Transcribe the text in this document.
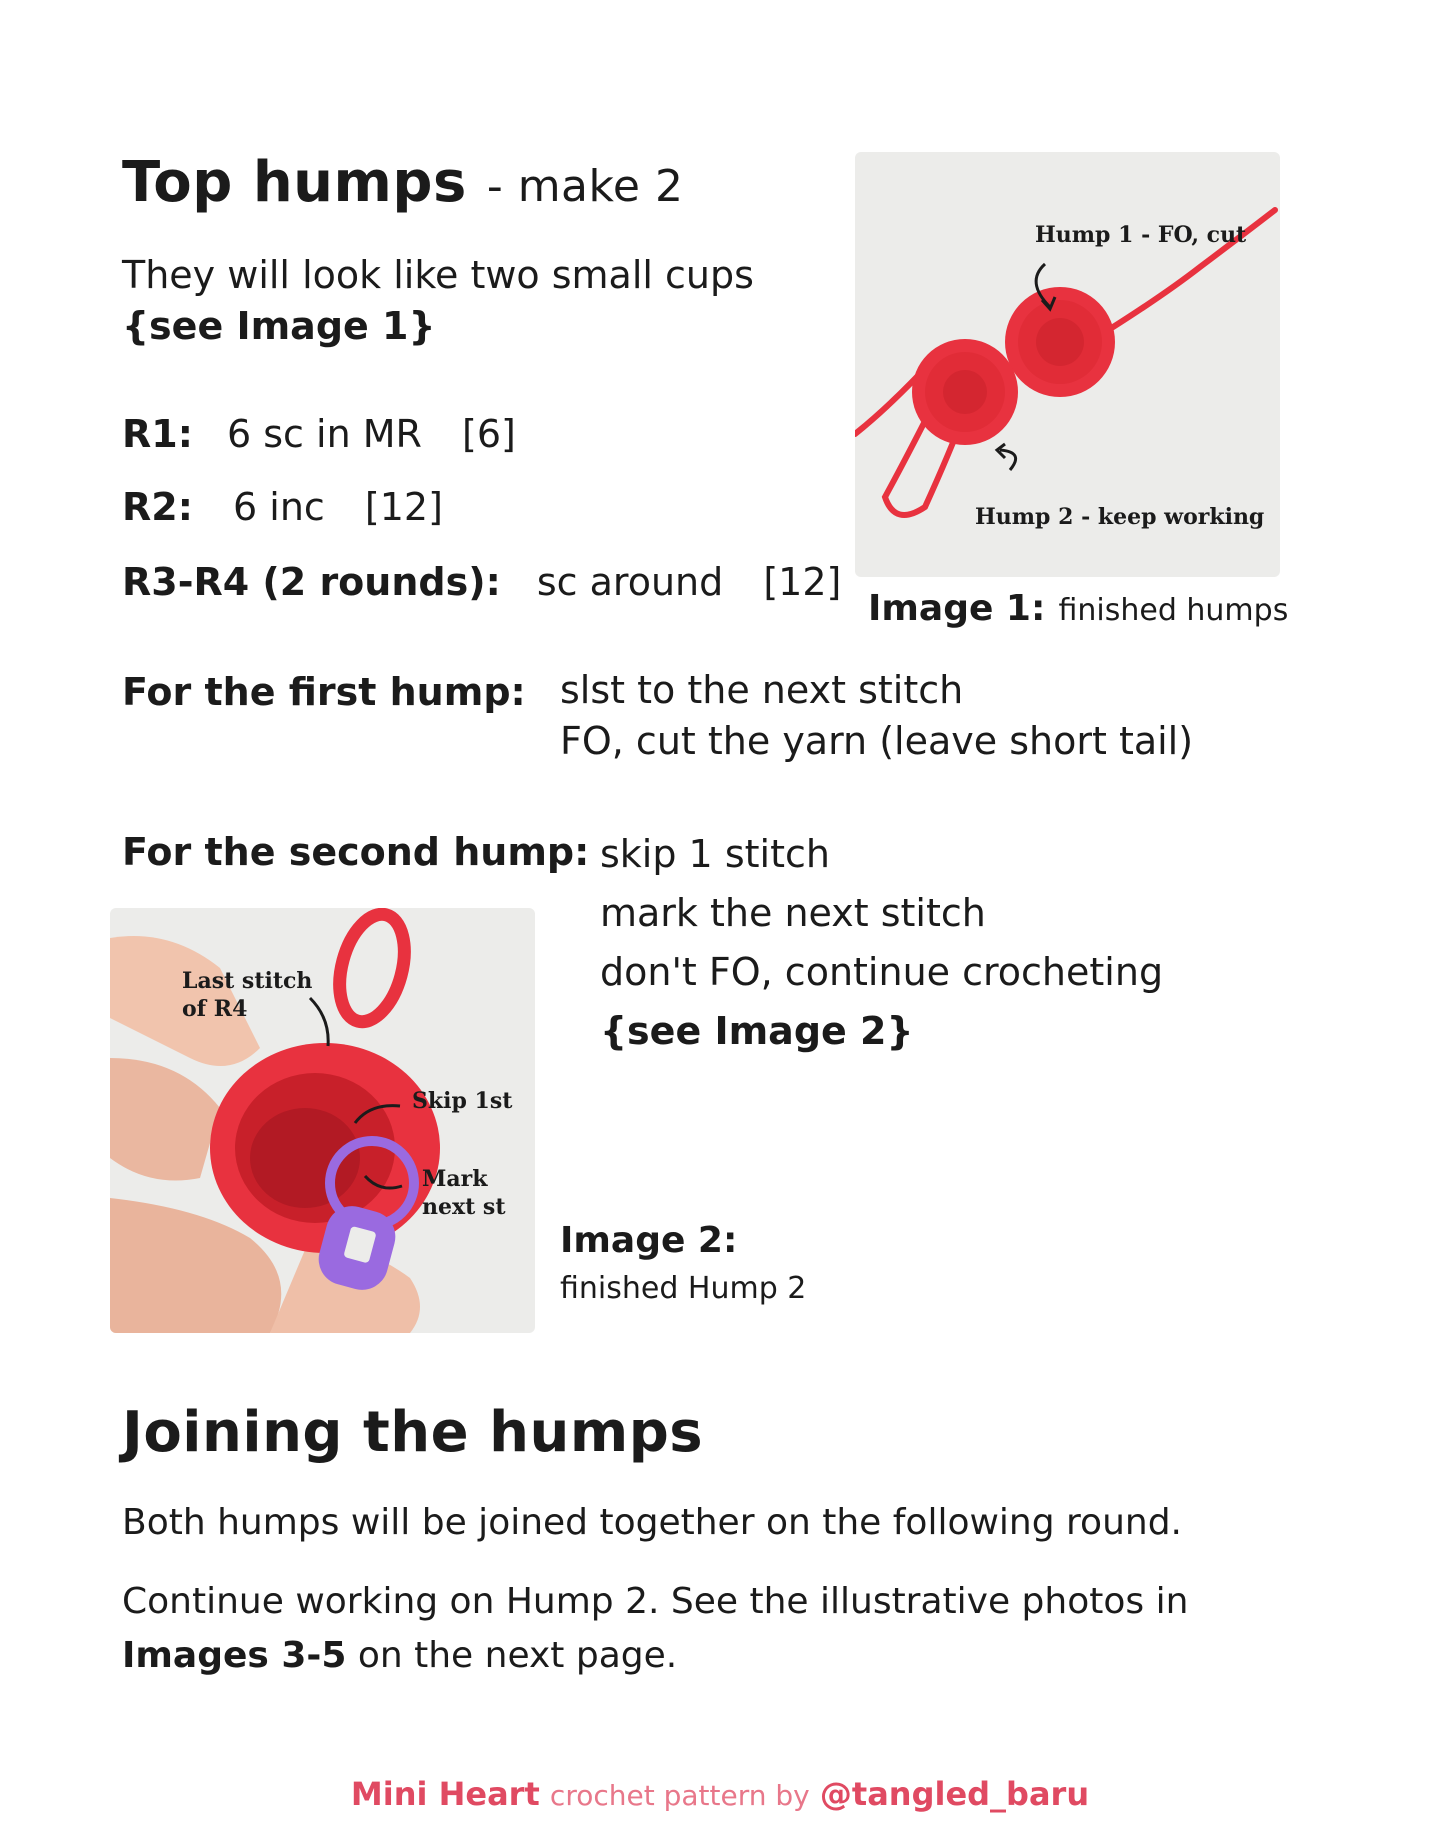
Top humps - make 2
They will look like two small cups
{see Image 1}
R1: 6 sc in MR [6]
R2: 6 inc [12]
R3-R4 (2 rounds): sc around [12]
Hump 1 - FO, cut
Hump 2 - keep working
Image 1: finished humps
For the first hump: slst to the next stitch
FO, cut the yarn (leave short tail)
For the second hump: skip 1 stitch
mark the next stitch
don't FO, continue crocheting
{see Image 2}
Last stitch
of R4
Skip 1st
Mark
next st
Image 2:
finished Hump 2
Joining the humps
Both humps will be joined together on the following round.
Continue working on Hump 2. See the illustrative photos in
Images 3-5 on the next page.
Mini Heart crochet pattern by @tangled_baru
